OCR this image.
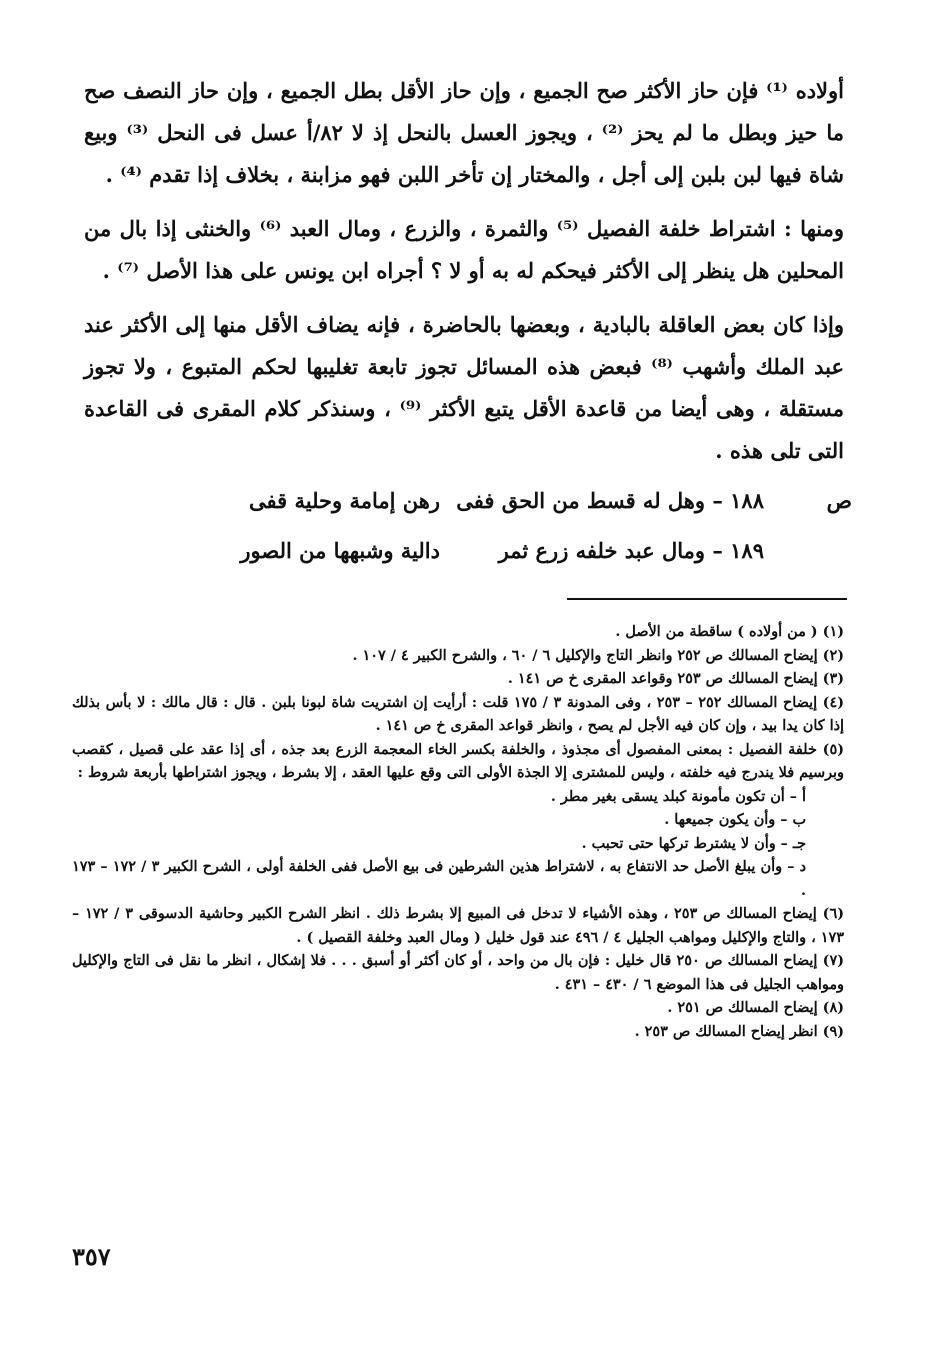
أولاده ⁽¹⁾ فإن حاز الأكثر صح الجميع ، وإن حاز الأقل بطل الجميع ، وإن حاز النصف صح ما حيز وبطل ما لم يحز ⁽²⁾ ، ويجوز العسل بالنحل إذ لا ٨٢/أ عسل فى النحل ⁽³⁾ وبيع شاة فيها لبن بلبن إلى أجل ، والمختار إن تأخر اللبن فهو مزابنة ، بخلاف إذا تقدم ⁽⁴⁾ .

ومنها : اشتراط خلفة الفصيل ⁽⁵⁾ والثمرة ، والزرع ، ومال العبد ⁽⁶⁾ والخنثى إذا بال من المحلين هل ينظر إلى الأكثر فيحكم له به أو لا ؟ أجراه ابن يونس على هذا الأصل ⁽⁷⁾ .

وإذا كان بعض العاقلة بالبادية ، وبعضها بالحاضرة ، فإنه يضاف الأقل منها إلى الأكثر عند عبد الملك وأشهب ⁽⁸⁾ فبعض هذه المسائل تجوز تابعة تغليبها لحكم المتبوع ، ولا تجوز مستقلة ، وهى أيضا من قاعدة الأقل يتبع الأكثر ⁽⁹⁾ ، وسنذكر كلام المقرى فى القاعدة التى تلى هذه .

ص
١٨٨ – وهل له قسط من الحق ففى
رهن إمامة وحلية قفى
١٨٩ – ومال عبد خلفه زرع ثمر
دالية وشبهها من الصور

(١) ( من أولاده ) ساقطة من الأصل .

(٢) إيضاح المسالك ص ٢٥٢ وانظر التاج والإكليل ٦ / ٦٠ ، والشرح الكبير ٤ / ١٠٧ .

(٣) إيضاح المسالك ص ٢٥٣ وقواعد المقرى خ ص ١٤١ .

(٤) إيضاح المسالك ٢٥٢ – ٢٥٣ ، وفى المدونة ٣ / ١٧٥ قلت : أرأيت إن اشتريت شاة لبونا بلبن . قال : قال مالك : لا بأس بذلك إذا كان يدا بيد ، وإن كان فيه الأجل لم يصح ، وانظر قواعد المقرى خ ص ١٤١ .

(٥) خلفة الفصيل : بمعنى المفصول أى مجذوذ ، والخلفة بكسر الخاء المعجمة الزرع بعد جذه ، أى إذا عقد على قصيل ، كقصب وبرسيم فلا يندرج فيه خلفته ، وليس للمشترى إلا الجذة الأولى التى وقع عليها العقد ، إلا بشرط ، ويجوز اشتراطها بأربعة شروط :

أ – أن تكون مأمونة كبلد يسقى بغير مطر .

ب – وأن يكون جميعها .

جـ – وأن لا يشترط تركها حتى تحبب .

د – وأن يبلغ الأصل حد الانتفاع به ، لاشتراط هذين الشرطين فى بيع الأصل ففى الخلفة أولى ، الشرح الكبير ٣ / ١٧٢ – ١٧٣ .

(٦) إيضاح المسالك ص ٢٥٣ ، وهذه الأشياء لا تدخل فى المبيع إلا بشرط ذلك . انظر الشرح الكبير وحاشية الدسوقى ٣ / ١٧٢ – ١٧٣ ، والتاج والإكليل ومواهب الجليل ٤ / ٤٩٦ عند قول خليل ( ومال العبد وخلفة القصيل ) .

(٧) إيضاح المسالك ص ٢٥٠ قال خليل : فإن بال من واحد ، أو كان أكثر أو أسبق . . . فلا إشكال ، انظر ما نقل فى التاج والإكليل ومواهب الجليل فى هذا الموضع ٦ / ٤٣٠ – ٤٣١ .

(٨) إيضاح المسالك ص ٢٥١ .

(٩) انظر إيضاح المسالك ص ٢٥٣ .

٣٥٧
